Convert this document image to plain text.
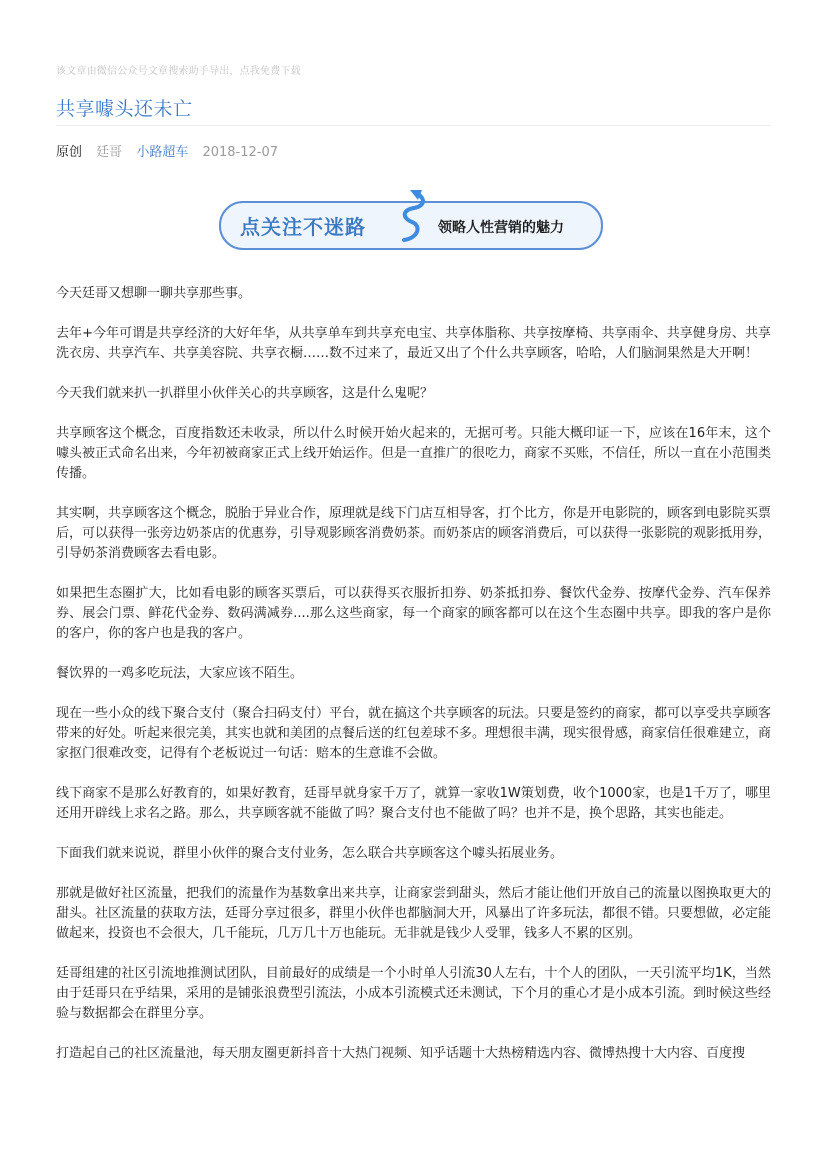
该文章由微信公众号文章搜索助手导出，点我免费下载
共享噱头还未亡
原创 廷哥 小路超车 2018-12-07
点关注不迷路	领略人性营销的魅力

今天廷哥又想聊一聊共享那些事。

去年+今年可谓是共享经济的大好年华，从共享单车到共享充电宝、共享体脂称、共享按摩椅、共享雨伞、共享健身房、共享洗衣房、共享汽车、共享美容院、共享衣橱……数不过来了，最近又出了个什么共享顾客，哈哈，人们脑洞果然是大开啊！

今天我们就来扒一扒群里小伙伴关心的共享顾客，这是什么鬼呢？

共享顾客这个概念，百度指数还未收录，所以什么时候开始火起来的，无据可考。只能大概印证一下，应该在16年末，这个噱头被正式命名出来，今年初被商家正式上线开始运作。但是一直推广的很吃力，商家不买账，不信任，所以一直在小范围类传播。

其实啊，共享顾客这个概念，脱胎于异业合作，原理就是线下门店互相导客，打个比方，你是开电影院的，顾客到电影院买票后，可以获得一张旁边奶茶店的优惠券，引导观影顾客消费奶茶。而奶茶店的顾客消费后，可以获得一张影院的观影抵用券，引导奶茶消费顾客去看电影。

如果把生态圈扩大，比如看电影的顾客买票后，可以获得买衣服折扣券、奶茶抵扣券、餐饮代金券、按摩代金券、汽车保养券、展会门票、鲜花代金券、数码满减券....那么这些商家，每一个商家的顾客都可以在这个生态圈中共享。即我的客户是你的客户，你的客户也是我的客户。

餐饮界的一鸡多吃玩法，大家应该不陌生。

现在一些小众的线下聚合支付（聚合扫码支付）平台，就在搞这个共享顾客的玩法。只要是签约的商家，都可以享受共享顾客带来的好处。听起来很完美，其实也就和美团的点餐后送的红包差球不多。理想很丰满，现实很骨感，商家信任很难建立，商家抠门很难改变，记得有个老板说过一句话：赔本的生意谁不会做。

线下商家不是那么好教育的，如果好教育，廷哥早就身家千万了，就算一家收1W策划费，收个1000家，也是1千万了，哪里还用开辟线上求名之路。那么，共享顾客就不能做了吗？聚合支付也不能做了吗？也并不是，换个思路，其实也能走。

下面我们就来说说，群里小伙伴的聚合支付业务，怎么联合共享顾客这个噱头拓展业务。

那就是做好社区流量，把我们的流量作为基数拿出来共享，让商家尝到甜头，然后才能让他们开放自己的流量以图换取更大的甜头。社区流量的获取方法，廷哥分享过很多，群里小伙伴也都脑洞大开，风暴出了许多玩法，都很不错。只要想做，必定能做起来，投资也不会很大，几千能玩，几万几十万也能玩。无非就是钱少人受罪，钱多人不累的区别。

廷哥组建的社区引流地推测试团队，目前最好的成绩是一个小时单人引流30人左右，十个人的团队，一天引流平均1K，当然由于廷哥只在乎结果，采用的是铺张浪费型引流法，小成本引流模式还未测试，下个月的重心才是小成本引流。到时候这些经验与数据都会在群里分享。

打造起自己的社区流量池，每天朋友圈更新抖音十大热门视频、知乎话题十大热榜精选内容、微博热搜十大内容、百度搜
